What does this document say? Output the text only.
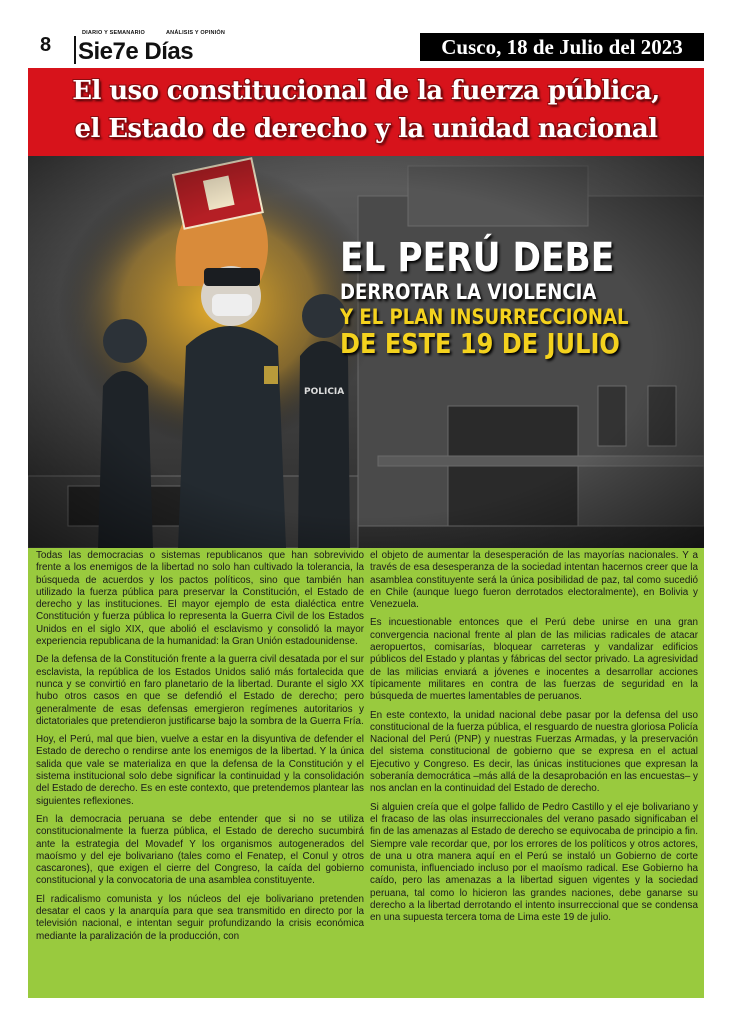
8
DIARIO Y SEMANARIO	ANÁLISIS Y OPINIÓN
Sie7e Días	Cusco, 18 de Julio del 2023
El uso constitucional de la fuerza pública,
el Estado de derecho y la unidad nacional
EL PERÚ DEBE
DERROTAR LA VIOLENCIA
Y EL PLAN INSURRECCIONAL
DE ESTE 19 DE JULIO

Todas las democracias o sistemas republicanos que han sobrevivido frente a los enemigos de la libertad no solo han cultivado la tolerancia, la búsqueda de acuerdos y los pactos políticos, sino que también han utilizado la fuerza pública para preservar la Constitución, el Estado de derecho y las instituciones. El mayor ejemplo de esta dialéctica entre Constitución y fuerza pública lo representa la Guerra Civil de los Estados Unidos en el siglo XIX, que abolió el esclavismo y consolidó la mayor experiencia republicana de la humanidad: la Gran Unión estadounidense.

De la defensa de la Constitución frente a la guerra civil desatada por el sur esclavista, la república de los Estados Unidos salió más fortalecida que nunca y se convirtió en faro planetario de la libertad. Durante el siglo XX hubo otros casos en que se defendió el Estado de derecho; pero generalmente de esas defensas emergieron regímenes autoritarios y dictatoriales que pretendieron justificarse bajo la sombra de la Guerra Fría.

Hoy, el Perú, mal que bien, vuelve a estar en la disyuntiva de defender el Estado de derecho o rendirse ante los enemigos de la libertad. Y la única salida que vale se materializa en que la defensa de la Constitución y el sistema institucional solo debe significar la continuidad y la consolidación del Estado de derecho. Es en este contexto, que pretendemos plantear las siguientes reflexiones.

En la democracia peruana se debe entender que si no se utiliza constitucionalmente la fuerza pública, el Estado de derecho sucumbirá ante la estrategia del Movadef Y los organismos autogenerados del maoísmo y del eje bolivariano (tales como el Fenatep, el Conul y otros cascarones), que exigen el cierre del Congreso, la caída del gobierno constitucional y la convocatoria de una asamblea constituyente.

El radicalismo comunista y los núcleos del eje bolivariano pretenden desatar el caos y la anarquía para que sea transmitido en directo por la televisión nacional, e intentan seguir profundizando la crisis económica mediante la paralización de la producción, con

el objeto de aumentar la desesperación de las mayorías nacionales. Y a través de esa desesperanza de la sociedad intentan hacernos creer que la asamblea constituyente será la única posibilidad de paz, tal como sucedió en Chile (aunque luego fueron derrotados electoralmente), en Bolivia y Venezuela.

Es incuestionable entonces que el Perú debe unirse en una gran convergencia nacional frente al plan de las milicias radicales de atacar aeropuertos, comisarías, bloquear carreteras y vandalizar edificios públicos del Estado y plantas y fábricas del sector privado. La agresividad de las milicias enviará a jóvenes e inocentes a desarrollar acciones típicamente militares en contra de las fuerzas de seguridad en la búsqueda de muertes lamentables de peruanos.

En este contexto, la unidad nacional debe pasar por la defensa del uso constitucional de la fuerza pública, el resguardo de nuestra gloriosa Policía Nacional del Perú (PNP) y nuestras Fuerzas Armadas, y la preservación del sistema constitucional de gobierno que se expresa en el actual Ejecutivo y Congreso. Es decir, las únicas instituciones que expresan la soberanía democrática –más allá de la desaprobación en las encuestas– y nos anclan en la continuidad del Estado de derecho.

Si alguien creía que el golpe fallido de Pedro Castillo y el eje bolivariano y el fracaso de las olas insurreccionales del verano pasado significaban el fin de las amenazas al Estado de derecho se equivocaba de principio a fin. Siempre vale recordar que, por los errores de los políticos y otros actores, de una u otra manera aquí en el Perú se instaló un Gobierno de corte comunista, influenciado incluso por el maoísmo radical. Ese Gobierno ha caído, pero las amenazas a la libertad siguen vigentes y la sociedad peruana, tal como lo hicieron las grandes naciones, debe ganarse su derecho a la libertad derrotando el intento insurreccional que se condensa en una supuesta tercera toma de Lima este 19 de julio.
